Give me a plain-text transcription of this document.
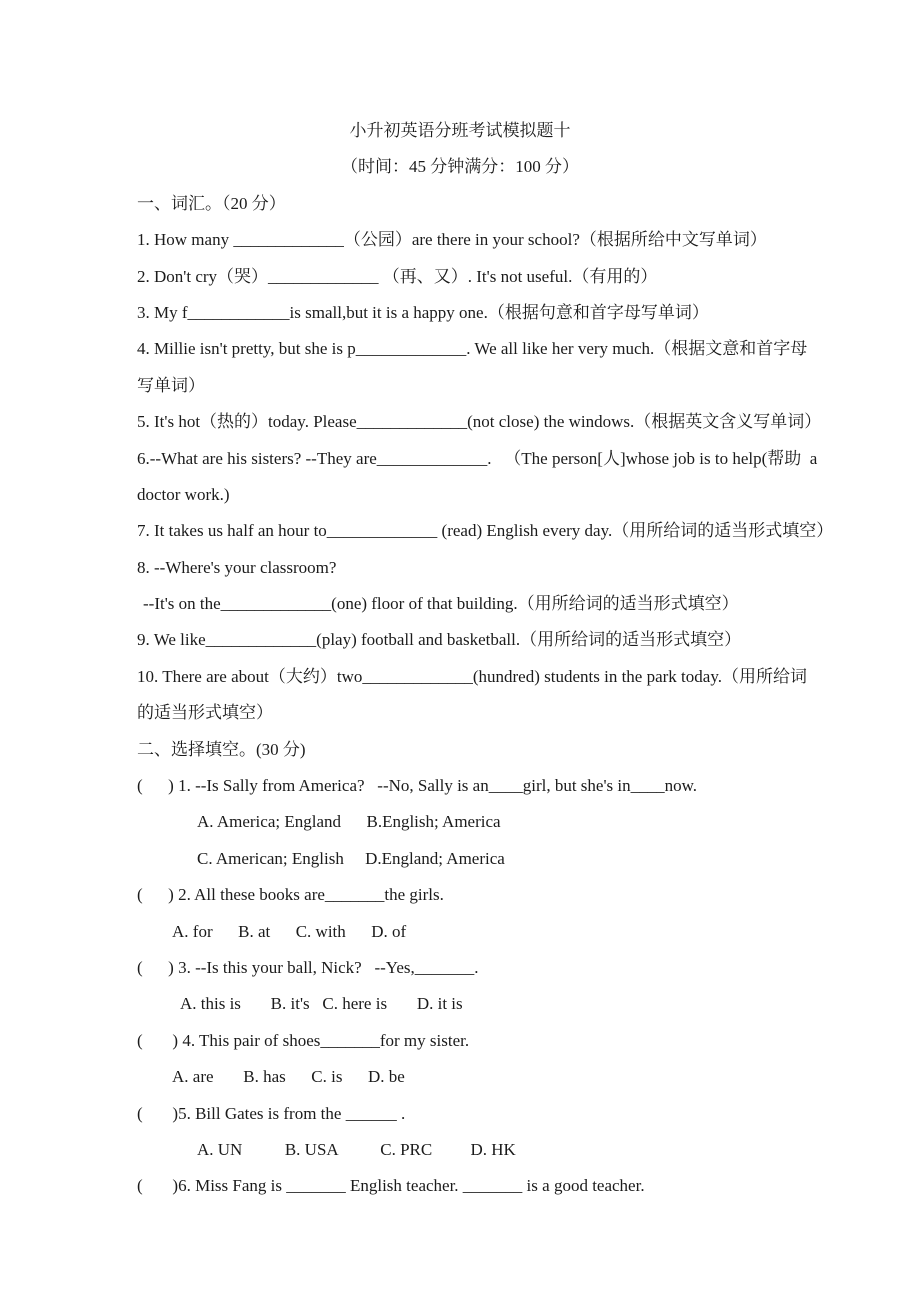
小升初英语分班考试模拟题十
（时间：45 分钟满分：100 分）
一、词汇。（20 分）
1. How many _____________（公园）are there in your school?（根据所给中文写单词）
2. Don't cry（哭）_____________ （再、又）. It's not useful.（有用的）
3. My f____________is small,but it is a happy one.（根据句意和首字母写单词）
4. Millie isn't pretty, but she is p_____________. We all like her very much.（根据文意和首字母
写单词）
5. It's hot（热的）today. Please_____________(not close) the windows.（根据英文含义写单词）
6.--What are his sisters? --They are_____________.   （The person[人]whose job is to help(帮助  a
doctor work.)
7. It takes us half an hour to_____________ (read) English every day.（用所给词的适当形式填空）
8. --Where's your classroom?
--It's on the_____________(one) floor of that building.（用所给词的适当形式填空）
9. We like_____________(play) football and basketball.（用所给词的适当形式填空）
10. There are about（大约）two_____________(hundred) students in the park today.（用所给词
的适当形式填空）
二、选择填空。(30 分)
(      ) 1. --Is Sally from America?   --No, Sally is an____girl, but she's in____now.
A. America; England      B.English; America
C. American; English     D.England; America
(      ) 2. All these books are_______the girls.
A. for      B. at      C. with      D. of
(      ) 3. --Is this your ball, Nick?   --Yes,_______.
A. this is       B. it's   C. here is       D. it is
(       ) 4. This pair of shoes_______for my sister.
A. are       B. has      C. is      D. be
(       )5. Bill Gates is from the ______ .
A. UN          B. USA          C. PRC         D. HK
(       )6. Miss Fang is _______ English teacher. _______ is a good teacher.
